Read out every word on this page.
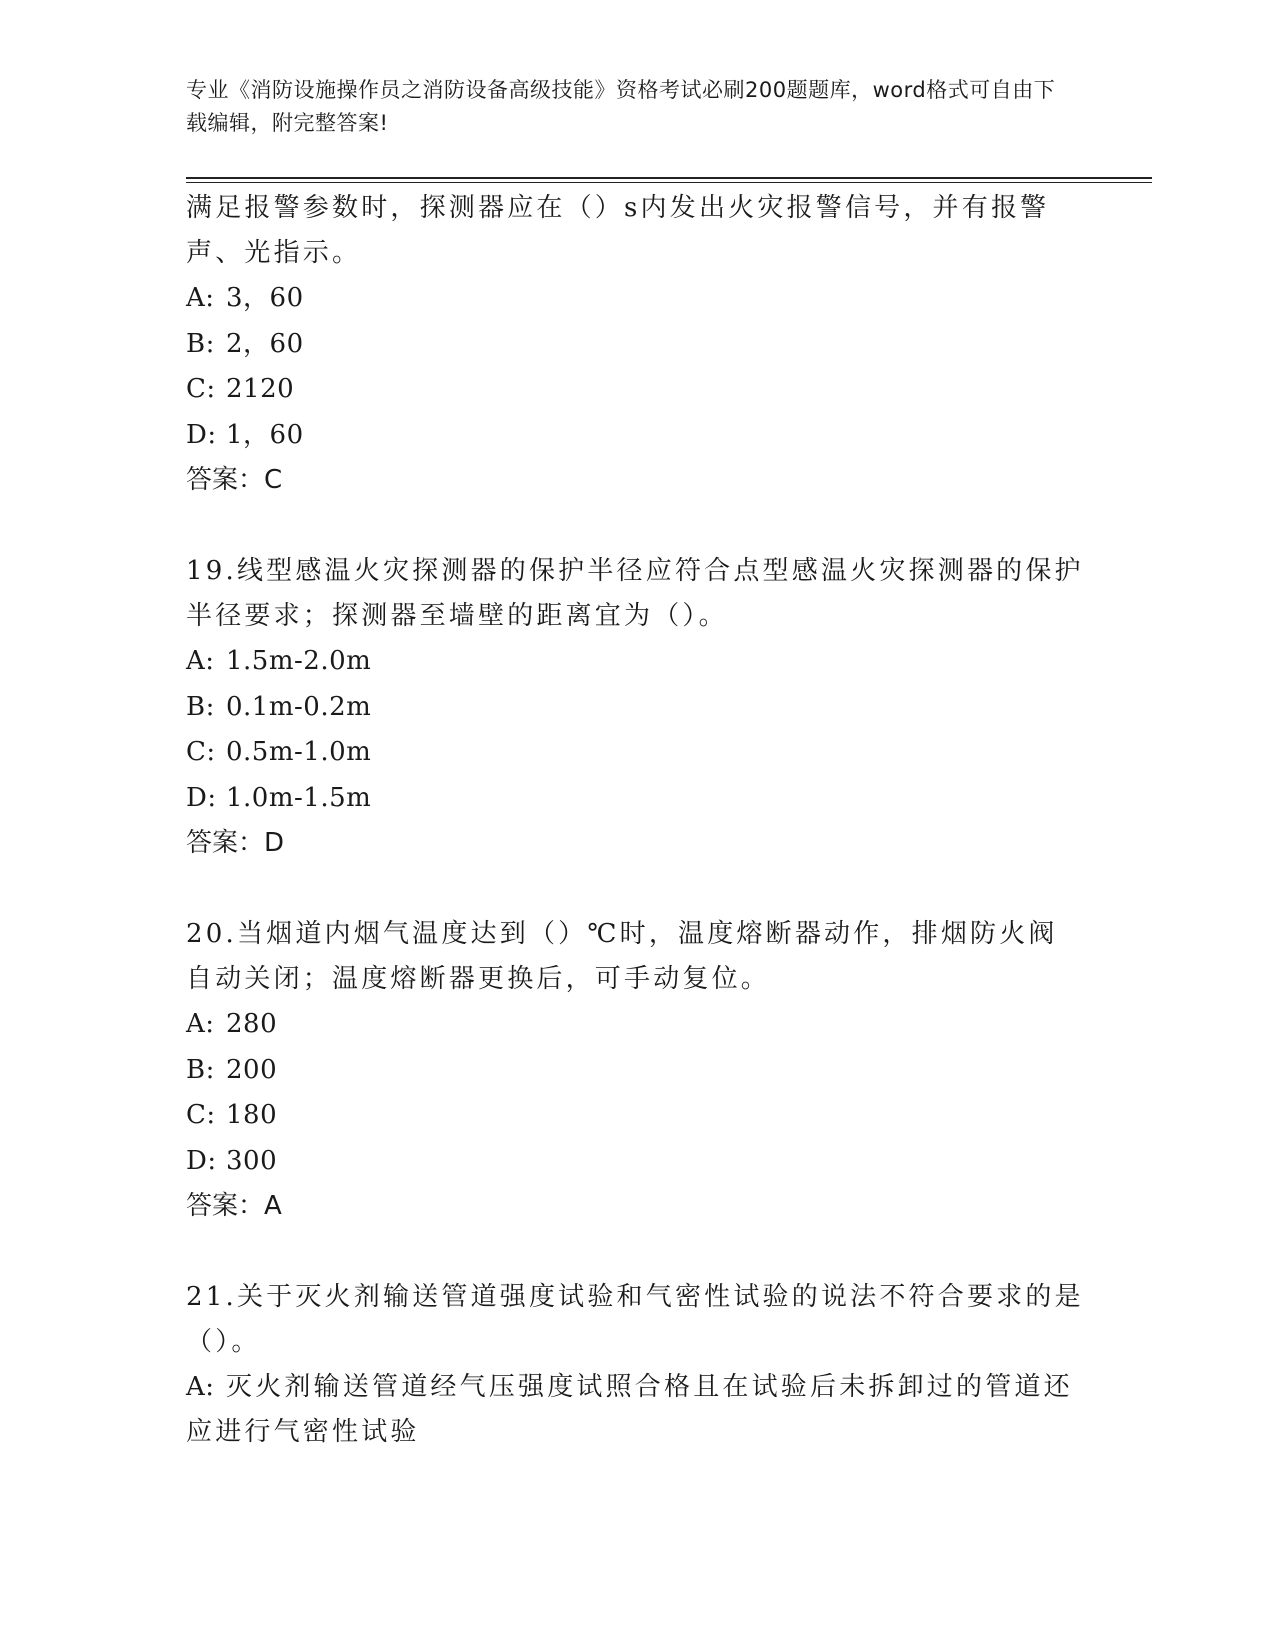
专业《消防设施操作员之消防设备高级技能》资格考试必刷200题题库，word格式可自由下载编辑，附完整答案!

满足报警参数时，探测器应在（）s内发出火灾报警信号，并有报警声、光指示。

A: 3，60

B: 2，60

C: 2120

D: 1，60

答案：C

19.线型感温火灾探测器的保护半径应符合点型感温火灾探测器的保护半径要求；探测器至墙壁的距离宜为（）。

A: 1.5m-2.0m

B: 0.1m-0.2m

C: 0.5m-1.0m

D: 1.0m-1.5m

答案：D

20.当烟道内烟气温度达到（）℃时，温度熔断器动作，排烟防火阀自动关闭；温度熔断器更换后，可手动复位。

A: 280

B: 200

C: 180

D: 300

答案：A

21.关于灭火剂输送管道强度试验和气密性试验的说法不符合要求的是（）。

A: 灭火剂输送管道经气压强度试照合格且在试验后未拆卸过的管道还应进行气密性试验
